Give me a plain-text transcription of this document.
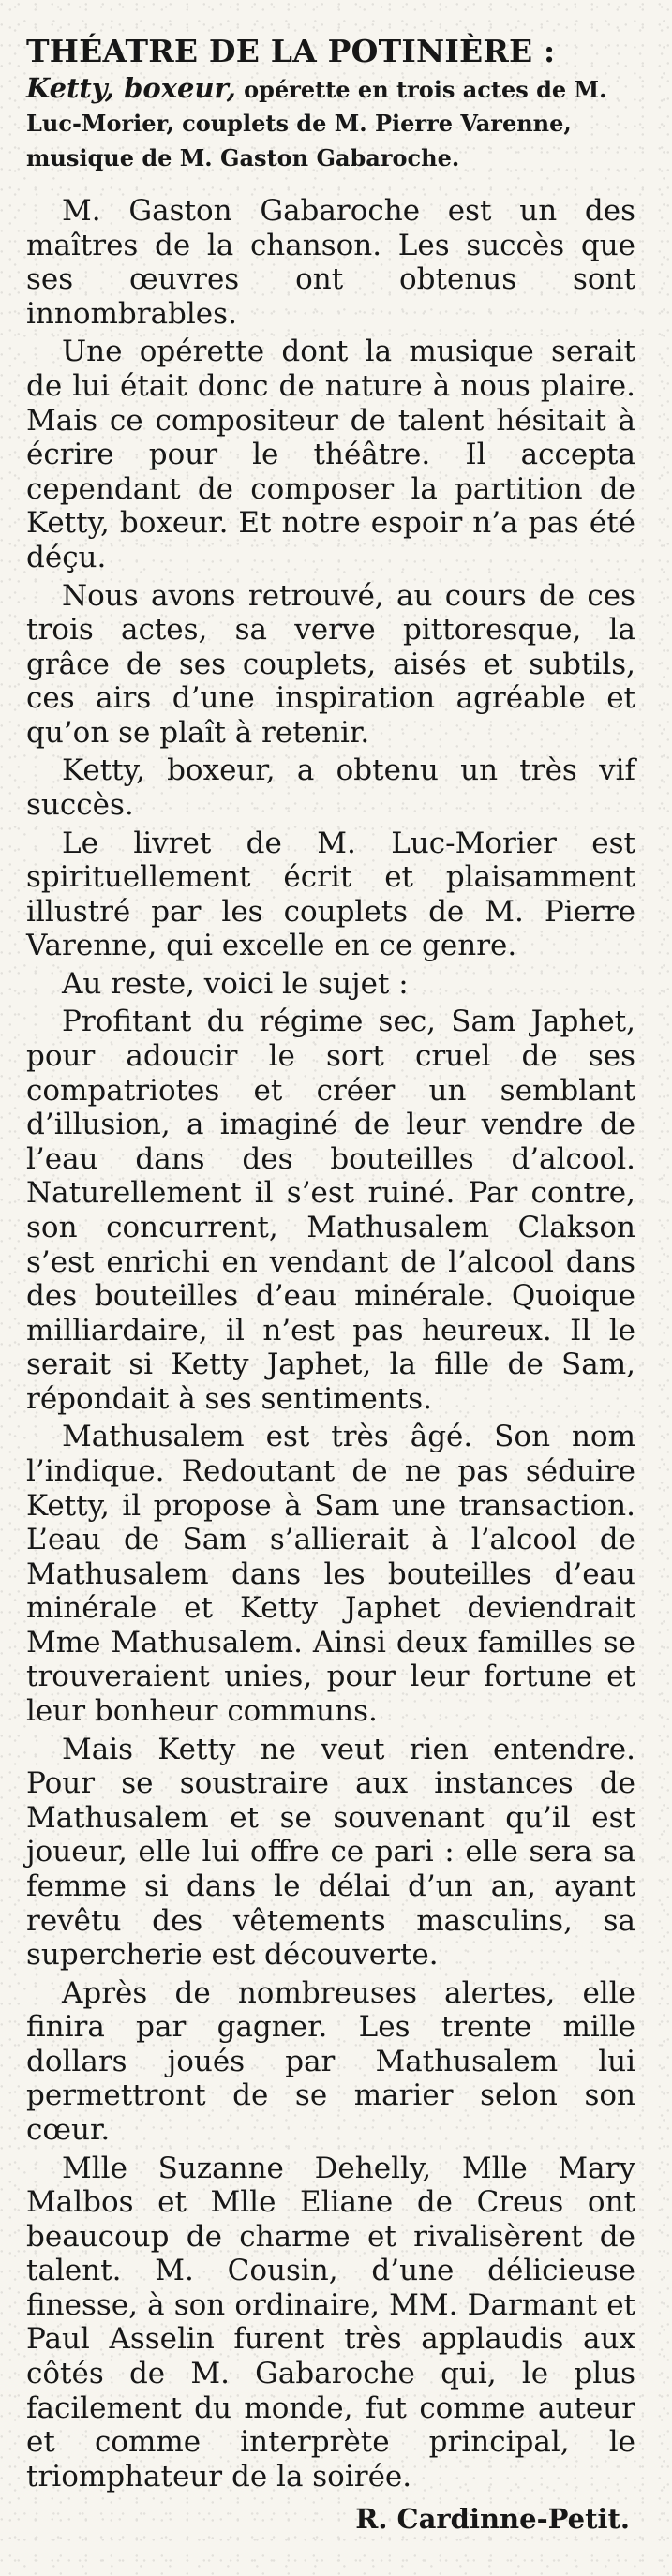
THÉATRE DE LA POTINIÈRE : Ketty, boxeur, opérette en trois actes de M. Luc-Morier, couplets de M. Pierre Varenne, musique de M. Gaston Gabaroche.

M. Gaston Gabaroche est un des maîtres de la chanson. Les succès que ses œuvres ont obtenus sont innombrables.

Une opérette dont la musique serait de lui était donc de nature à nous plaire. Mais ce compositeur de talent hésitait à écrire pour le théâtre. Il accepta cependant de composer la partition de Ketty, boxeur. Et notre espoir n’a pas été déçu.

Nous avons retrouvé, au cours de ces trois actes, sa verve pittoresque, la grâce de ses couplets, aisés et subtils, ces airs d’une inspiration agréable et qu’on se plaît à retenir.

Ketty, boxeur, a obtenu un très vif succès.

Le livret de M. Luc-Morier est spirituellement écrit et plaisamment illustré par les couplets de M. Pierre Varenne, qui excelle en ce genre.

Au reste, voici le sujet :

Profitant du régime sec, Sam Japhet, pour adoucir le sort cruel de ses compatriotes et créer un semblant d’illusion, a imaginé de leur vendre de l’eau dans des bouteilles d’alcool. Naturellement il s’est ruiné. Par contre, son concurrent, Mathusalem Clakson s’est enrichi en vendant de l’alcool dans des bouteilles d’eau minérale. Quoique milliardaire, il n’est pas heureux. Il le serait si Ketty Japhet, la fille de Sam, répondait à ses sentiments.

Mathusalem est très âgé. Son nom l’indique. Redoutant de ne pas séduire Ketty, il propose à Sam une transaction. L’eau de Sam s’allierait à l’alcool de Mathusalem dans les bouteilles d’eau minérale et Ketty Japhet deviendrait Mme Mathusalem. Ainsi deux familles se trouveraient unies, pour leur fortune et leur bonheur communs.

Mais Ketty ne veut rien entendre. Pour se soustraire aux instances de Mathusalem et se souvenant qu’il est joueur, elle lui offre ce pari : elle sera sa femme si dans le délai d’un an, ayant revêtu des vêtements masculins, sa supercherie est découverte.

Après de nombreuses alertes, elle finira par gagner. Les trente mille dollars joués par Mathusalem lui permettront de se marier selon son cœur.

Mlle Suzanne Dehelly, Mlle Mary Malbos et Mlle Eliane de Creus ont beaucoup de charme et rivalisèrent de talent. M. Cousin, d’une délicieuse finesse, à son ordinaire, MM. Darmant et Paul Asselin furent très applaudis aux côtés de M. Gabaroche qui, le plus facilement du monde, fut comme auteur et comme interprète principal, le triomphateur de la soirée.

R. Cardinne-Petit.
